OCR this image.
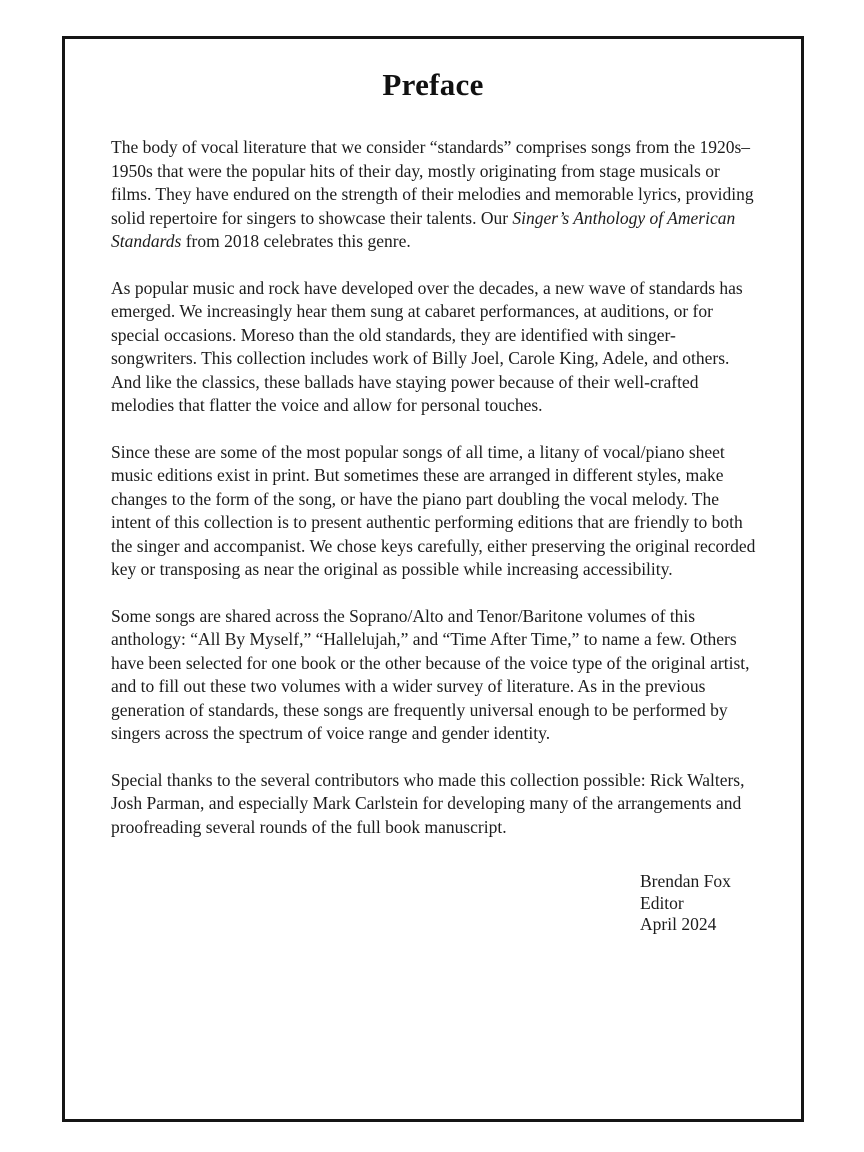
Preface

The body of vocal literature that we consider “standards” comprises songs from the 1920s–1950s that were the popular hits of their day, mostly originating from stage musicals or films. They have endured on the strength of their melodies and memorable lyrics, providing solid repertoire for singers to showcase their talents. Our Singer’s Anthology of American Standards from 2018 celebrates this genre.

As popular music and rock have developed over the decades, a new wave of standards has emerged. We increasingly hear them sung at cabaret performances, at auditions, or for special occasions. Moreso than the old standards, they are identified with singer-songwriters. This collection includes work of Billy Joel, Carole King, Adele, and others. And like the classics, these ballads have staying power because of their well-crafted melodies that flatter the voice and allow for personal touches.

Since these are some of the most popular songs of all time, a litany of vocal/piano sheet music editions exist in print. But sometimes these are arranged in different styles, make changes to the form of the song, or have the piano part doubling the vocal melody. The intent of this collection is to present authentic performing editions that are friendly to both the singer and accompanist. We chose keys carefully, either preserving the original recorded key or transposing as near the original as possible while increasing accessibility.

Some songs are shared across the Soprano/Alto and Tenor/Baritone volumes of this anthology: “All By Myself,” “Hallelujah,” and “Time After Time,” to name a few. Others have been selected for one book or the other because of the voice type of the original artist, and to fill out these two volumes with a wider survey of literature. As in the previous generation of standards, these songs are frequently universal enough to be performed by singers across the spectrum of voice range and gender identity.

Special thanks to the several contributors who made this collection possible: Rick Walters, Josh Parman, and especially Mark Carlstein for developing many of the arrangements and proofreading several rounds of the full book manuscript.

Brendan Fox
Editor
April 2024
